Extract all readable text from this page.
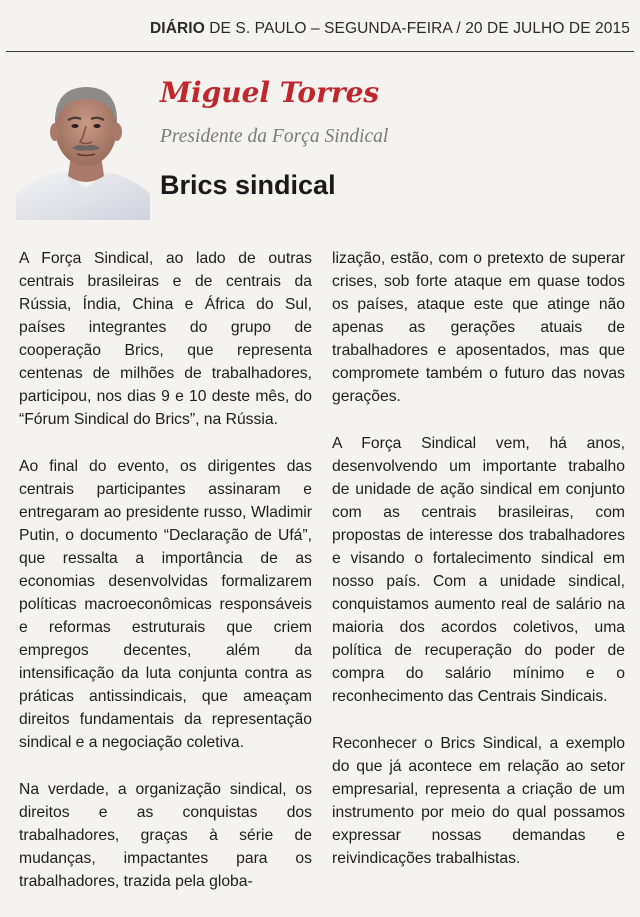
DIÁRIO DE S. PAULO – SEGUNDA-FEIRA / 20 DE JULHO DE 2015
Miguel Torres
Presidente da Força Sindical
Brics sindical

A Força Sindical, ao lado de outras centrais brasileiras e de centrais da Rússia, Índia, China e África do Sul, países integrantes do grupo de cooperação Brics, que representa centenas de milhões de trabalhadores, participou, nos dias 9 e 10 deste mês, do “Fórum Sindical do Brics”, na Rússia.

Ao final do evento, os dirigentes das centrais participantes assinaram e entregaram ao presidente russo, Wladimir Putin, o documento “Declaração de Ufá”, que ressalta a importância de as economias desenvolvidas formalizarem políticas macroeconômicas responsáveis e reformas estruturais que criem empregos decentes, além da intensificação da luta conjunta contra as práticas antissindicais, que ameaçam direitos fundamentais da representação sindical e a negociação coletiva.

Na verdade, a organização sindical, os direitos e as conquistas dos trabalhadores, graças à série de mudanças, impactantes para os trabalhadores, trazida pela globa-

lização, estão, com o pretexto de superar crises, sob forte ataque em quase todos os países, ataque este que atinge não apenas as gerações atuais de trabalhadores e aposentados, mas que compromete também o futuro das novas gerações.

A Força Sindical vem, há anos, desenvolvendo um importante trabalho de unidade de ação sindical em conjunto com as centrais brasileiras, com propostas de interesse dos trabalhadores e visando o fortalecimento sindical em nosso país. Com a unidade sindical, conquistamos aumento real de salário na maioria dos acordos coletivos, uma política de recuperação do poder de compra do salário mínimo e o reconhecimento das Centrais Sindicais.

Reconhecer o Brics Sindical, a exemplo do que já acontece em relação ao setor empresarial, representa a criação de um instrumento por meio do qual possamos expressar nossas demandas e reivindicações trabalhistas.
